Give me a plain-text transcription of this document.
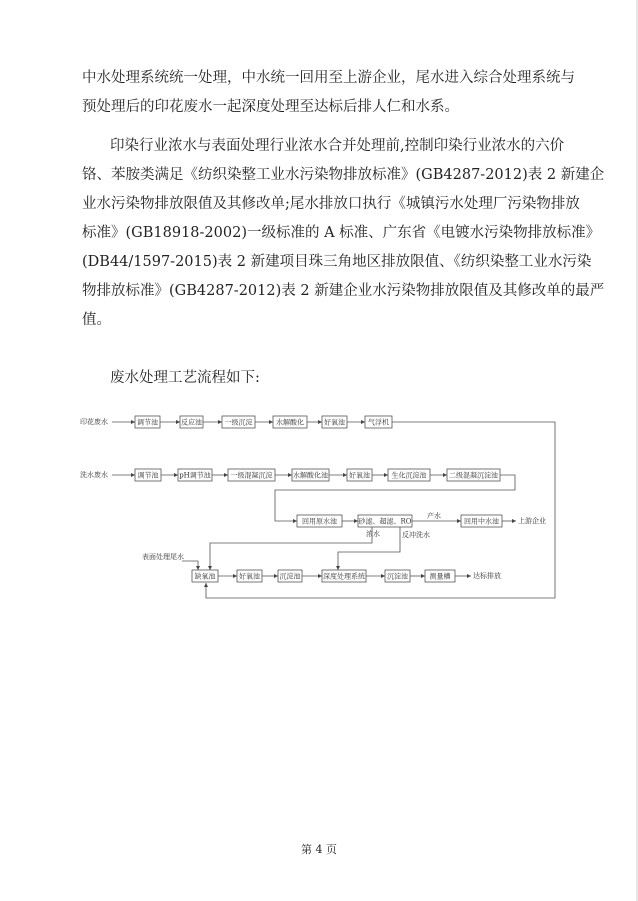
中水处理系统统一处理，中水统一回用至上游企业，尾水进入综合处理系统与
预处理后的印花废水一起深度处理至达标后排人仁和水系。
印染行业浓水与表面处理行业浓水合并处理前,控制印染行业浓水的六价
铬、苯胺类满足《纺织染整工业水污染物排放标准》(GB4287-2012)表 2 新建企
业水污染物排放限值及其修改单;尾水排放口执行《城镇污水处理厂污染物排放
标准》(GB18918-2002)一级标准的 A 标准、广东省《电镀水污染物排放标准》
(DB44/1597-2015)表 2 新建项目珠三角地区排放限值、《纺织染整工业水污染
物排放标准》(GB4287-2012)表 2 新建企业水污染物排放限值及其修改单的最严
值。
废水处理工艺流程如下:
印花废水	调节池	反应池	一级沉淀	水解酸化	好氧池	气浮机
洗水废水	调节池	pH调节池	一级混凝沉淀	水解酸化池	好氧池	生化沉淀池	二级混凝沉淀池
回用原水池	砂滤、超滤、RO
产水
回用中水池	上游企业
浓水	反冲洗水
表面处理尾水
缺氧池	好氧池	沉淀池	深度处理系统	沉淀池	测量槽	达标排放
第 4 页
